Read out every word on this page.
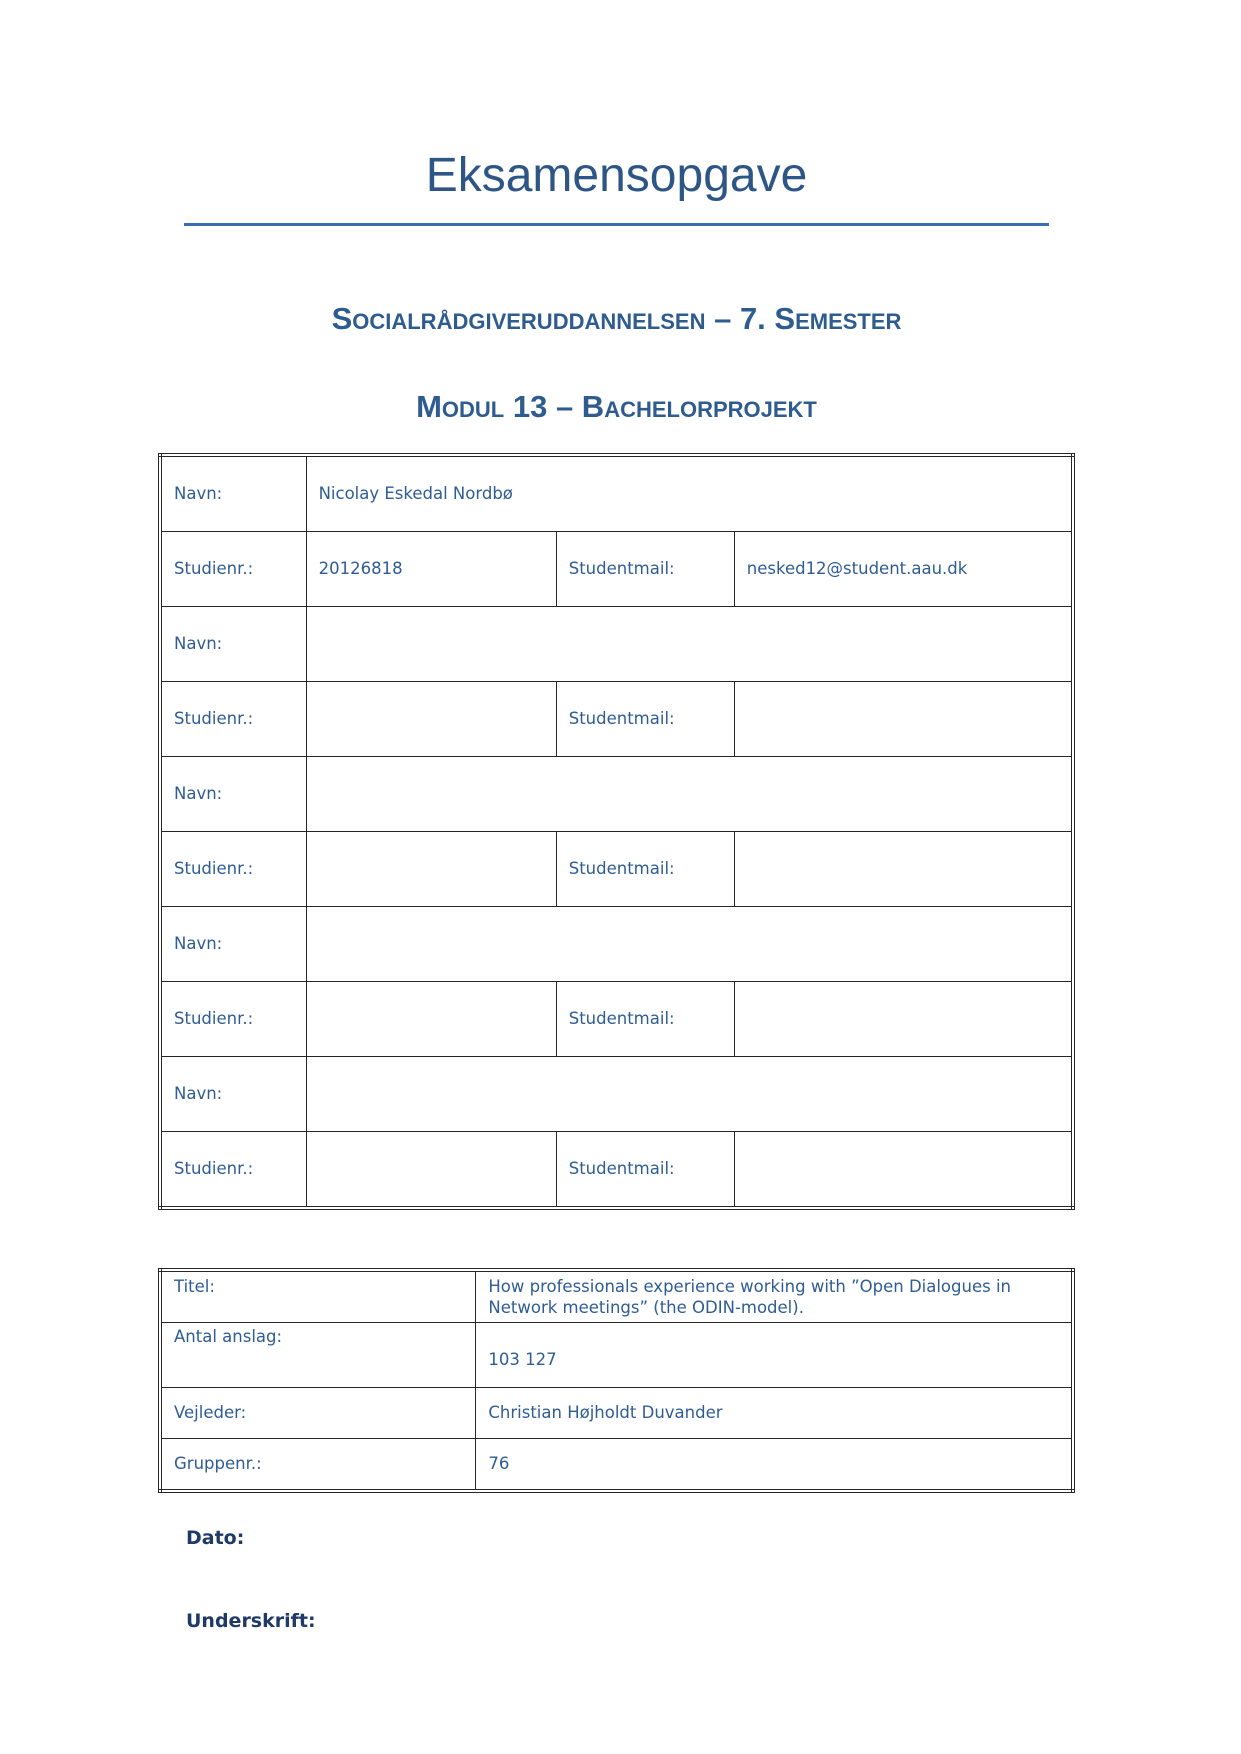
Eksamensopgave
Socialrådgiveruddannelsen – 7. Semester
Modul 13 – Bachelorprojekt
Navn:	Nicolay Eskedal Nordbø		
Studienr.:	20126818	Studentmail:	nesked12@student.aau.dk
Navn:			
Studienr.:		Studentmail:	
Navn:			
Studienr.:		Studentmail:	
Navn:			
Studienr.:		Studentmail:	
Navn:			
Studienr.:		Studentmail:	
Titel:	How professionals experience working with ”Open Dialogues in Network meetings” (the ODIN-model).
Antal anslag:	103 127
Vejleder:	Christian Højholdt Duvander
Gruppenr.:	76
Dato:
Underskrift:
